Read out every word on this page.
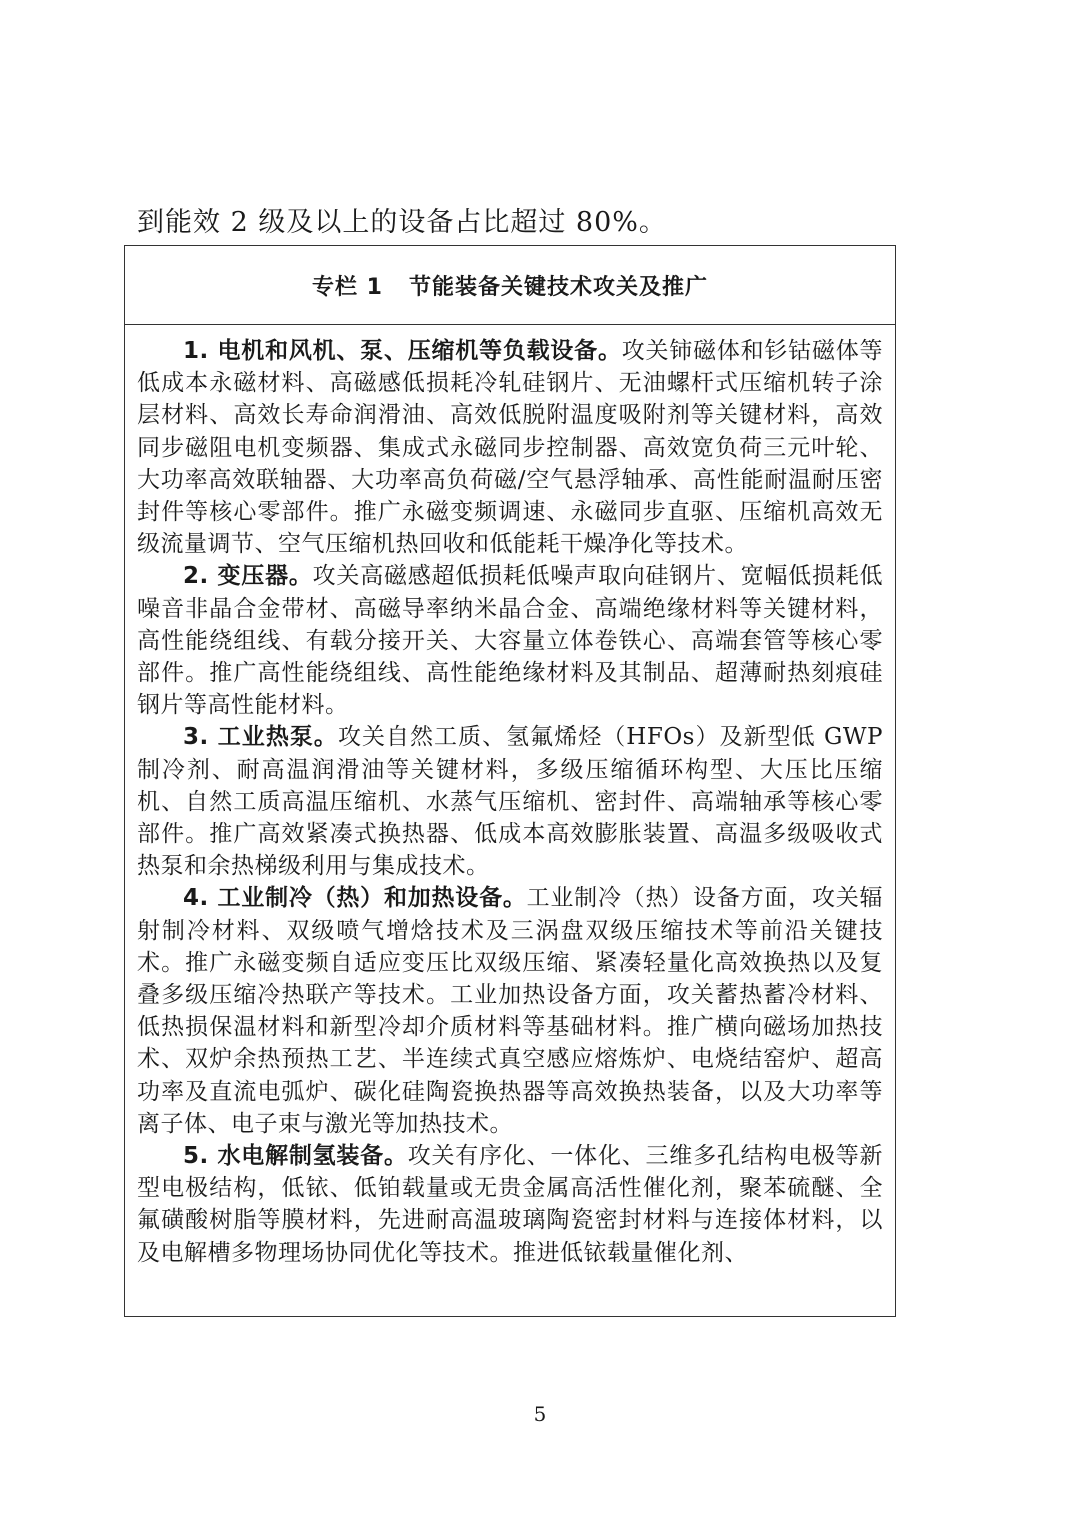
到能效 2 级及以上的设备占比超过 80%。
专栏 1   节能装备关键技术攻关及推广

1. 电机和风机、泵、压缩机等负载设备。攻关铈磁体和钐钴磁体等低成本永磁材料、高磁感低损耗冷轧硅钢片、无油螺杆式压缩机转子涂层材料、高效长寿命润滑油、高效低脱附温度吸附剂等关键材料，高效同步磁阻电机变频器、集成式永磁同步控制器、高效宽负荷三元叶轮、大功率高效联轴器、大功率高负荷磁/空气悬浮轴承、高性能耐温耐压密封件等核心零部件。推广永磁变频调速、永磁同步直驱、压缩机高效无级流量调节、空气压缩机热回收和低能耗干燥净化等技术。

2. 变压器。攻关高磁感超低损耗低噪声取向硅钢片、宽幅低损耗低噪音非晶合金带材、高磁导率纳米晶合金、高端绝缘材料等关键材料，高性能绕组线、有载分接开关、大容量立体卷铁心、高端套管等核心零部件。推广高性能绕组线、高性能绝缘材料及其制品、超薄耐热刻痕硅钢片等高性能材料。

3. 工业热泵。攻关自然工质、氢氟烯烃（HFOs）及新型低 GWP 制冷剂、耐高温润滑油等关键材料，多级压缩循环构型、大压比压缩机、自然工质高温压缩机、水蒸气压缩机、密封件、高端轴承等核心零部件。推广高效紧凑式换热器、低成本高效膨胀装置、高温多级吸收式热泵和余热梯级利用与集成技术。

4. 工业制冷（热）和加热设备。工业制冷（热）设备方面，攻关辐射制冷材料、双级喷气增焓技术及三涡盘双级压缩技术等前沿关键技术。推广永磁变频自适应变压比双级压缩、紧凑轻量化高效换热以及复叠多级压缩冷热联产等技术。工业加热设备方面，攻关蓄热蓄冷材料、低热损保温材料和新型冷却介质材料等基础材料。推广横向磁场加热技术、双炉余热预热工艺、半连续式真空感应熔炼炉、电烧结窑炉、超高功率及直流电弧炉、碳化硅陶瓷换热器等高效换热装备，以及大功率等离子体、电子束与激光等加热技术。

5. 水电解制氢装备。攻关有序化、一体化、三维多孔结构电极等新型电极结构，低铱、低铂载量或无贵金属高活性催化剂，聚苯硫醚、全氟磺酸树脂等膜材料，先进耐高温玻璃陶瓷密封材料与连接体材料，以及电解槽多物理场协同优化等技术。推进低铱载量催化剂、

5
